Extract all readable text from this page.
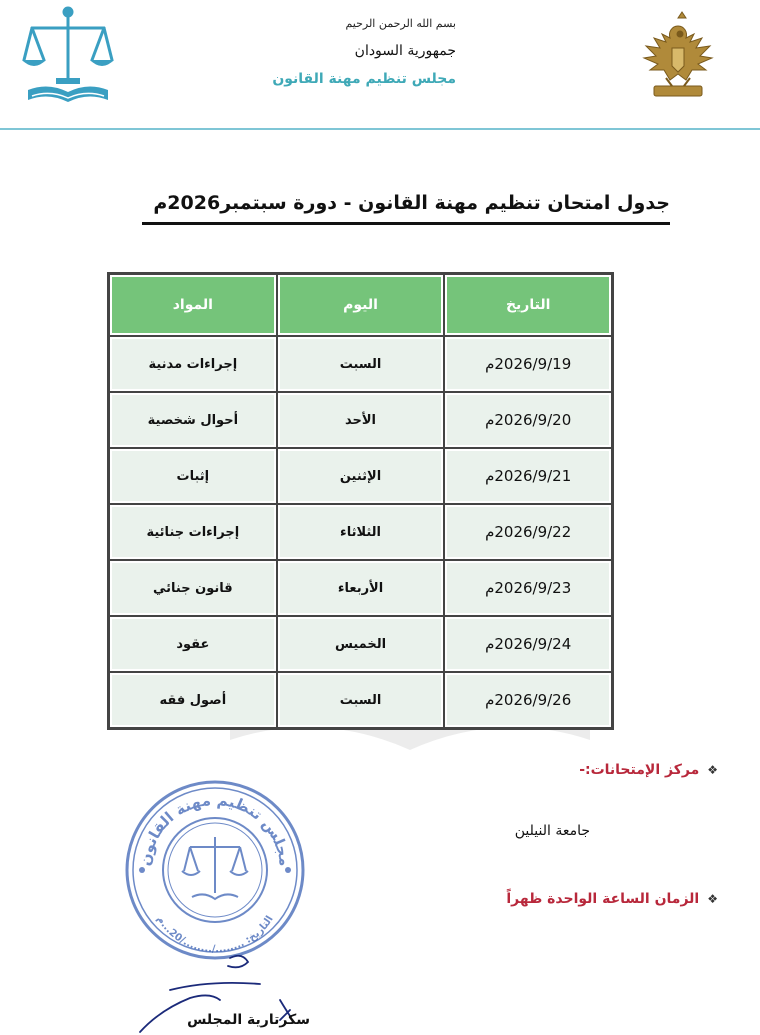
بسم الله الرحمن الرحيم
جمهورية السودان
مجلس تنظيم مهنة القانون
جدول امتحان تنظيم مهنة القانون - دورة سبتمبر2026م
التاريخ	اليوم	المواد
2026/9/19م	السبت	إجراءات مدنية
2026/9/20م	الأحد	أحوال شخصية
2026/9/21م	الإثنين	إثبات
2026/9/22م	الثلاثاء	إجراءات جنائية
2026/9/23م	الأربعاء	قانون جنائي
2026/9/24م	الخميس	عقود
2026/9/26م	السبت	أصول فقه
❖مركز الإمتحانات:-
جامعة النيلين
❖الزمان الساعة الواحدة ظهراً
مجلس تنظيم مهنة القانون
التاريخ: ......../......../20...م
سكرتارية المجلس
